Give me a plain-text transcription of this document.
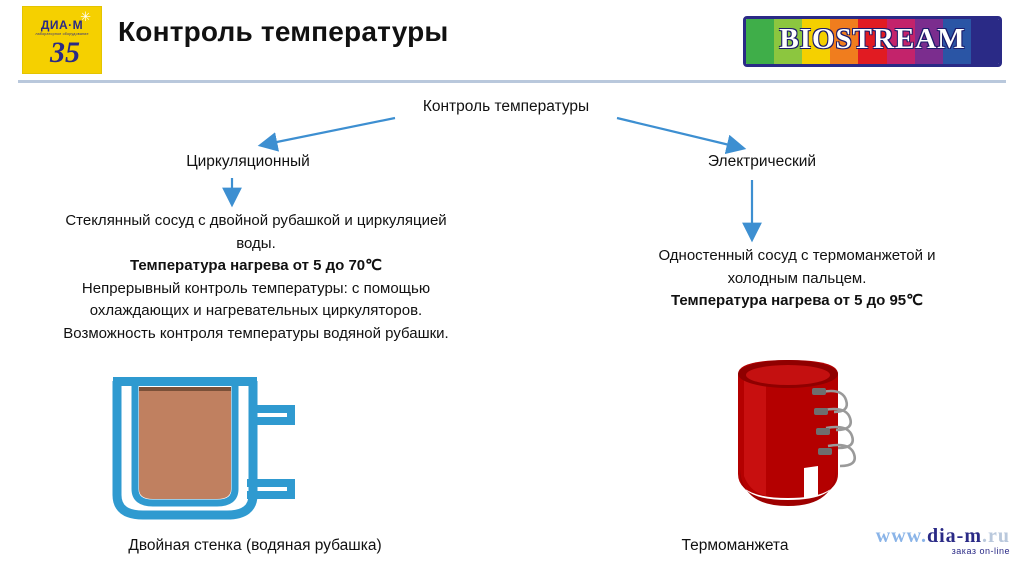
✳
ДИА·М
лабораторное оборудование
35
Контроль температуры	BIOSTREAM
Контроль температуры
Циркуляционный	Электрический
Стеклянный сосуд с двойной рубашкой и циркуляцией
воды.
Температура нагрева от 5 до 70℃
Непрерывный контроль температуры: с помощью
охлаждающих и нагревательных циркуляторов.
Возможность контроля температуры водяной рубашки.
Одностенный сосуд с термоманжетой и
холодным пальцем.
Температура нагрева от 5 до 95℃
Двойная стенка (водяная рубашка)	Термоманжета	www.dia-m.ru
заказ on-line
